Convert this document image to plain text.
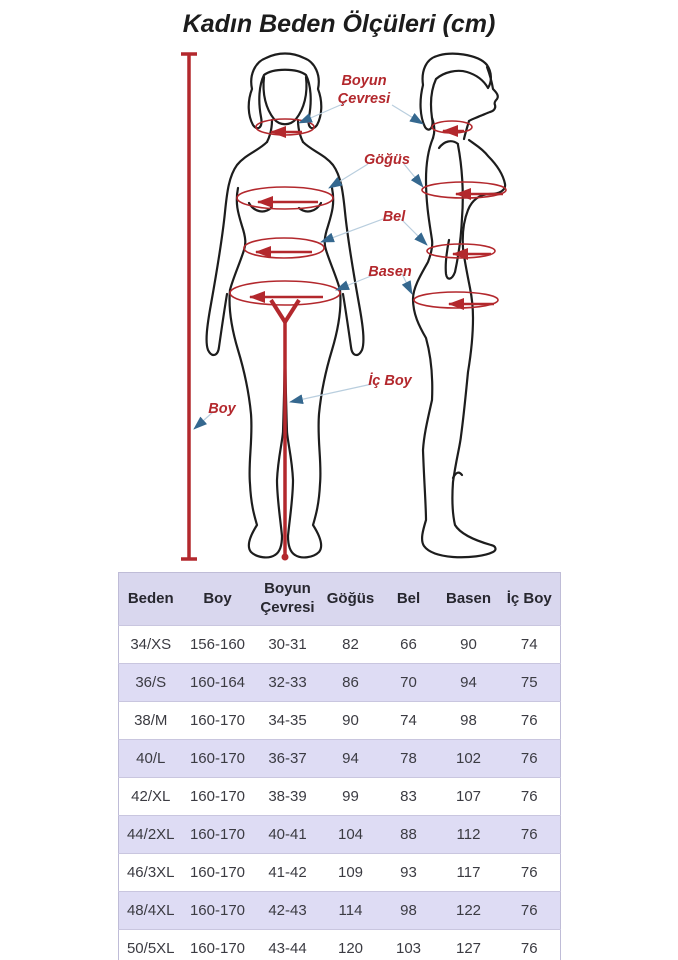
Kadın Beden Ölçüleri (cm)
Boyun Çevresi
Göğüs
Bel
Basen
İç Boy
Boy
Beden	Boy	Boyun Çevresi	Göğüs	Bel	Basen	İç Boy
34/XS	156-160	30-31	82	66	90	74
36/S	160-164	32-33	86	70	94	75
38/M	160-170	34-35	90	74	98	76
40/L	160-170	36-37	94	78	102	76
42/XL	160-170	38-39	99	83	107	76
44/2XL	160-170	40-41	104	88	112	76
46/3XL	160-170	41-42	109	93	117	76
48/4XL	160-170	42-43	114	98	122	76
50/5XL	160-170	43-44	120	103	127	76
